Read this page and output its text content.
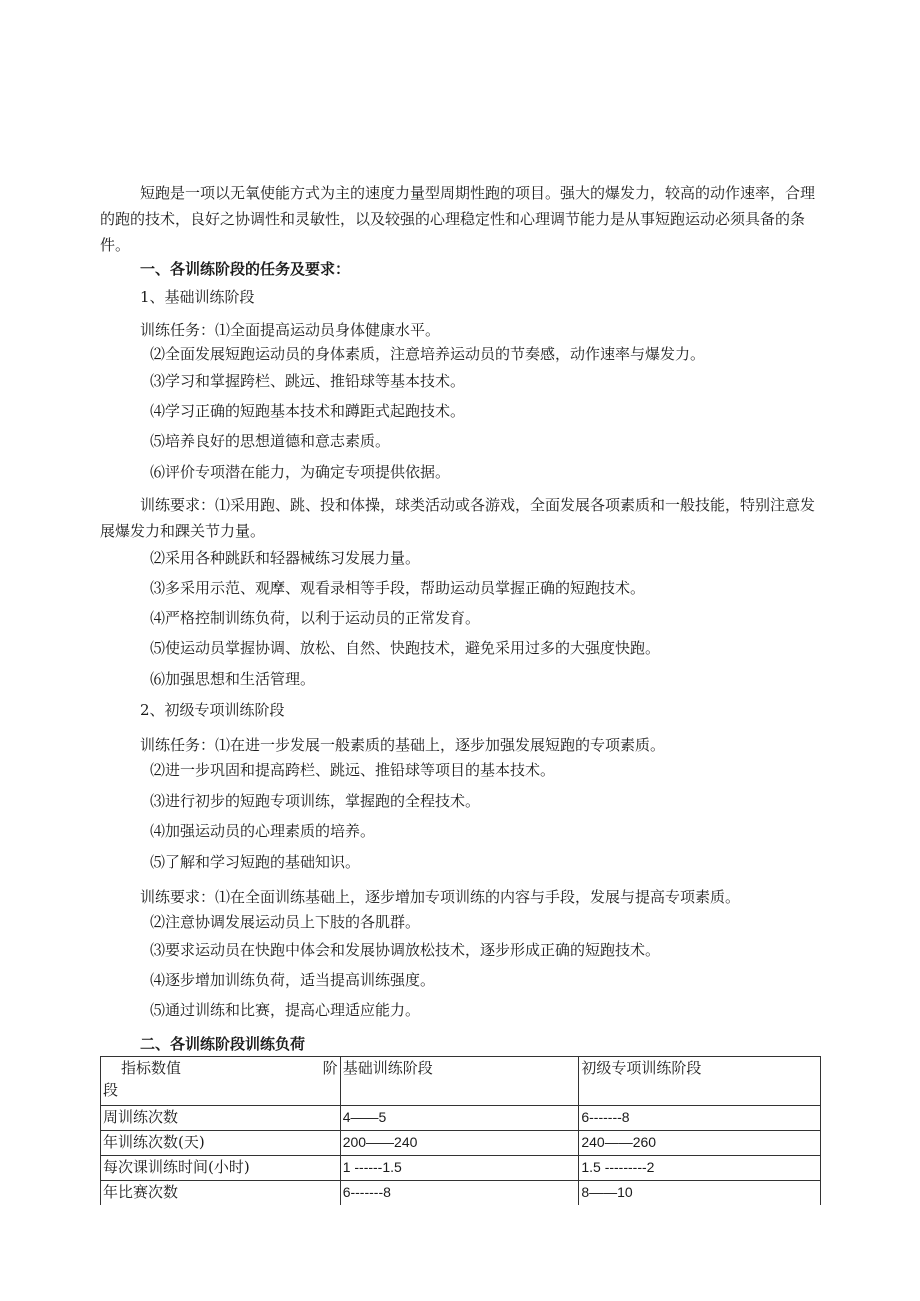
短跑是一项以无氧使能方式为主的速度力量型周期性跑的项目。强大的爆发力，较高的动作速率，合理的跑的技术，良好之协调性和灵敏性，以及较强的心理稳定性和心理调节能力是从事短跑运动必须具备的条件。

一、各训练阶段的任务及要求：
1、基础训练阶段
训练任务：⑴全面提高运动员身体健康水平。
⑵全面发展短跑运动员的身体素质，注意培养运动员的节奏感，动作速率与爆发力。
⑶学习和掌握跨栏、跳远、推铅球等基本技术。
⑷学习正确的短跑基本技术和蹲距式起跑技术。
⑸培养良好的思想道德和意志素质。
⑹评价专项潜在能力，为确定专项提供依据。

训练要求：⑴采用跑、跳、投和体操，球类活动或各游戏，全面发展各项素质和一般技能，特别注意发展爆发力和踝关节力量。

⑵采用各种跳跃和轻器械练习发展力量。
⑶多采用示范、观摩、观看录相等手段，帮助运动员掌握正确的短跑技术。
⑷严格控制训练负荷，以利于运动员的正常发育。
⑸使运动员掌握协调、放松、自然、快跑技术，避免采用过多的大强度快跑。
⑹加强思想和生活管理。
2、初级专项训练阶段
训练任务：⑴在进一步发展一般素质的基础上，逐步加强发展短跑的专项素质。
⑵进一步巩固和提高跨栏、跳远、推铅球等项目的基本技术。
⑶进行初步的短跑专项训练，掌握跑的全程技术。
⑷加强运动员的心理素质的培养。
⑸了解和学习短跑的基础知识。
训练要求：⑴在全面训练基础上，逐步增加专项训练的内容与手段，发展与提高专项素质。
⑵注意协调发展运动员上下肢的各肌群。
⑶要求运动员在快跑中体会和发展协调放松技术，逐步形成正确的短跑技术。
⑷逐步增加训练负荷，适当提高训练强度。
⑸通过训练和比赛，提高心理适应能力。
二、各训练阶段训练负荷
指标数值 阶
段	基础训练阶段	初级专项训练阶段
周训练次数	4——5	6-------8
年训练次数(天)	200——240	240——260
每次课训练时间(小时)	1 ------1.5	1.5 ---------2
年比赛次数	6-------8	8——10
